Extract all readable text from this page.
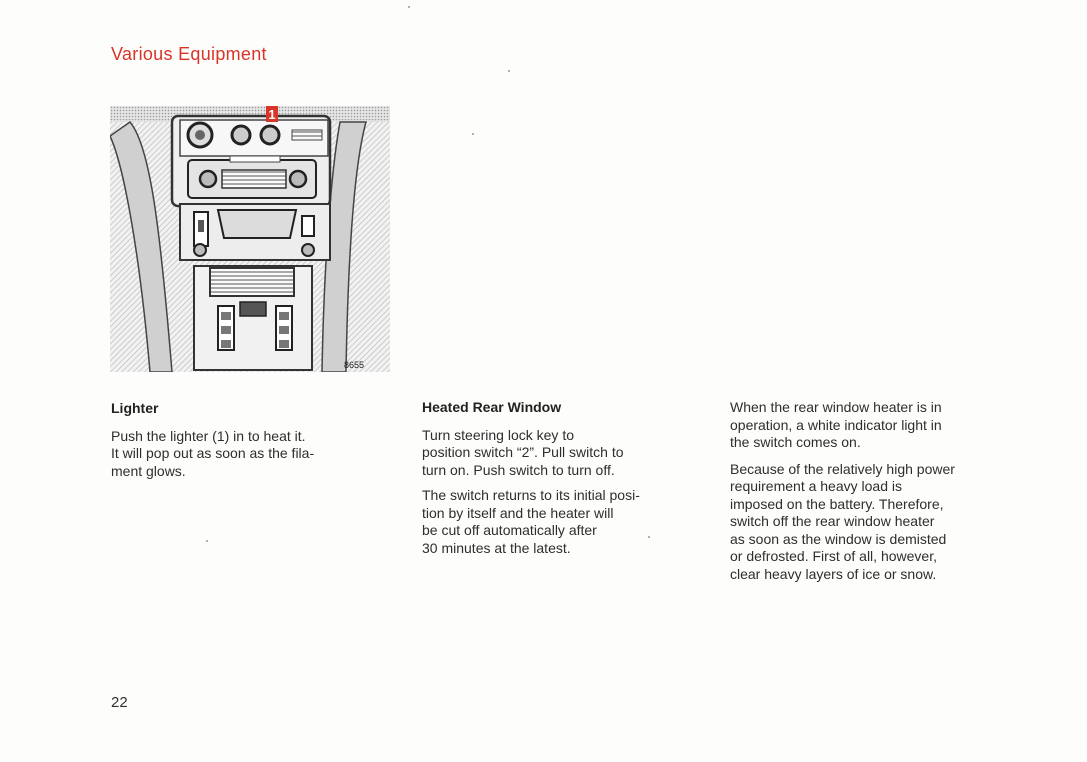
Various Equipment
1
8655
Lighter

Push the lighter (1) in to heat it.
It will pop out as soon as the fila-
ment glows.

Heated Rear Window

Turn steering lock key to
position switch “2”. Pull switch to
turn on. Push switch to turn off.

The switch returns to its initial posi-
tion by itself and the heater will
be cut off automatically after
30 minutes at the latest.

When the rear window heater is in
operation, a white indicator light in
the switch comes on.

Because of the relatively high power
requirement a heavy load is
imposed on the battery. Therefore,
switch off the rear window heater
as soon as the window is demisted
or defrosted. First of all, however,
clear heavy layers of ice or snow.

22
